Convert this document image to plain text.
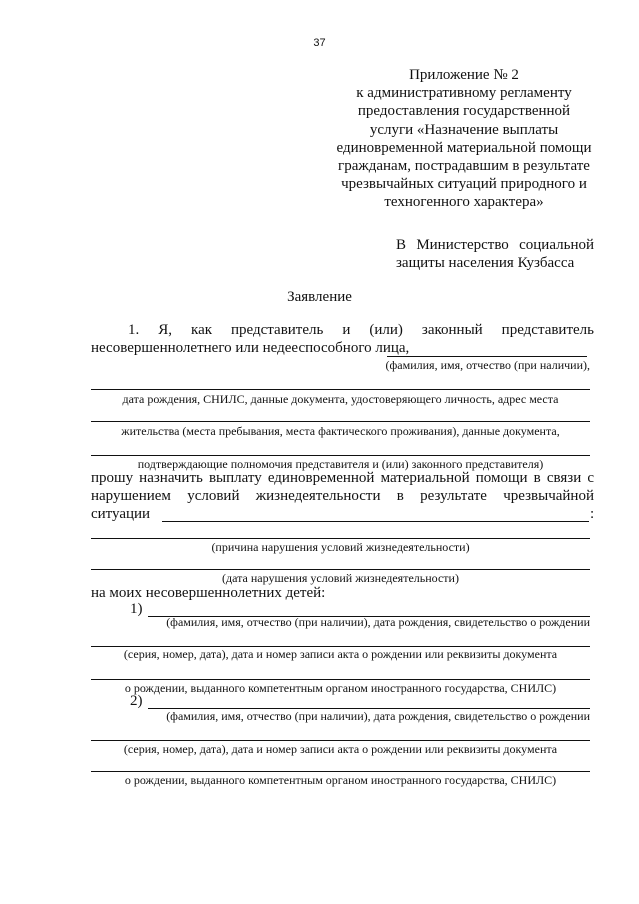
37
Приложение № 2
к административному регламенту
предоставления государственной
услуги «Назначение выплаты
единовременной материальной помощи
гражданам, пострадавшим в результате
чрезвычайных ситуаций природного и
техногенного характера»
В Министерство социальной
защиты населения Кузбасса
Заявление
1. Я, как представитель и (или) законный представитель
несовершеннолетнего или недееспособного лица,
(фамилия, имя, отчество (при наличии),
дата рождения, СНИЛС, данные документа, удостоверяющего личность, адрес места
жительства (места пребывания, места фактического проживания), данные документа,
подтверждающие полномочия представителя и (или) законного представителя)
прошу назначить выплату единовременной материальной помощи в связи с
нарушением условий жизнедеятельности в результате чрезвычайной
ситуации	:
(причина нарушения условий жизнедеятельности)
(дата нарушения условий жизнедеятельности)
на моих несовершеннолетних детей:
1)
(фамилия, имя, отчество (при наличии), дата рождения, свидетельство о рождении
(серия, номер, дата), дата и номер записи акта о рождении или реквизиты документа
о рождении, выданного компетентным органом иностранного государства, СНИЛС)
2)
(фамилия, имя, отчество (при наличии), дата рождения, свидетельство о рождении
(серия, номер, дата), дата и номер записи акта о рождении или реквизиты документа
о рождении, выданного компетентным органом иностранного государства, СНИЛС)
